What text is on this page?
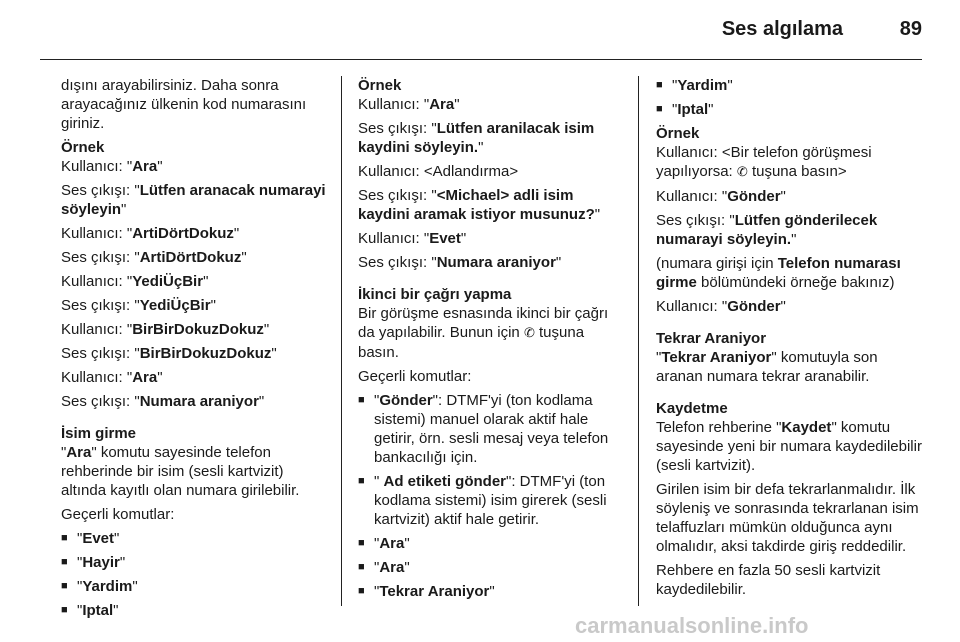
Ses algılama	89

dışını arayabilirsiniz. Daha sonra arayacağınız ülkenin kod numarasını giriniz.

Örnek

Kullanıcı: "Ara"

Ses çıkışı: "Lütfen aranacak numarayi söyleyin"

Kullanıcı: "ArtiDörtDokuz"

Ses çıkışı: "ArtiDörtDokuz"

Kullanıcı: "YediÜçBir"

Ses çıkışı: "YediÜçBir"

Kullanıcı: "BirBirDokuzDokuz"

Ses çıkışı: "BirBirDokuzDokuz"

Kullanıcı: "Ara"

Ses çıkışı: "Numara araniyor"

İsim girme

"Ara" komutu sayesinde telefon rehberinde bir isim (sesli kartvizit) altında kayıtlı olan numara girilebilir.

Geçerli komutlar:

■ "Evet"
■ "Hayir"
■ "Yardim"
■ "Iptal"

Örnek

Kullanıcı: "Ara"

Ses çıkışı: "Lütfen aranilacak isim kaydini söyleyin."

Kullanıcı: <Adlandırma>

Ses çıkışı: "<Michael> adli isim kaydini aramak istiyor musunuz?"

Kullanıcı: "Evet"

Ses çıkışı: "Numara araniyor"

İkinci bir çağrı yapma

Bir görüşme esnasında ikinci bir çağrı da yapılabilir. Bunun için ✆ tuşuna basın.

Geçerli komutlar:

■ "Gönder": DTMF'yi (ton kodlama sistemi) manuel olarak aktif hale getirir, örn. sesli mesaj veya telefon bankacılığı için.
■ " Ad etiketi gönder": DTMF'yi (ton kodlama sistemi) isim girerek (sesli kartvizit) aktif hale getirir.
■ "Ara"
■ "Ara"
■ "Tekrar Araniyor"
■ "Yardim"
■ "Iptal"

Örnek

Kullanıcı: <Bir telefon görüşmesi yapılıyorsa: ✆ tuşuna basın>

Kullanıcı: "Gönder"

Ses çıkışı: "Lütfen gönderilecek numarayi söyleyin."

(numara girişi için Telefon numarası girme bölümündeki örneğe bakınız)

Kullanıcı: "Gönder"

Tekrar Araniyor

"Tekrar Araniyor" komutuyla son aranan numara tekrar aranabilir.

Kaydetme

Telefon rehberine "Kaydet" komutu sayesinde yeni bir numara kaydedilebilir (sesli kartvizit).

Girilen isim bir defa tekrarlanmalıdır. İlk söyleniş ve sonrasında tekrarlanan isim telaffuzları mümkün olduğunca aynı olmalıdır, aksi takdirde giriş reddedilir.

Rehbere en fazla 50 sesli kartvizit kaydedilebilir.

carmanualsonline.info
